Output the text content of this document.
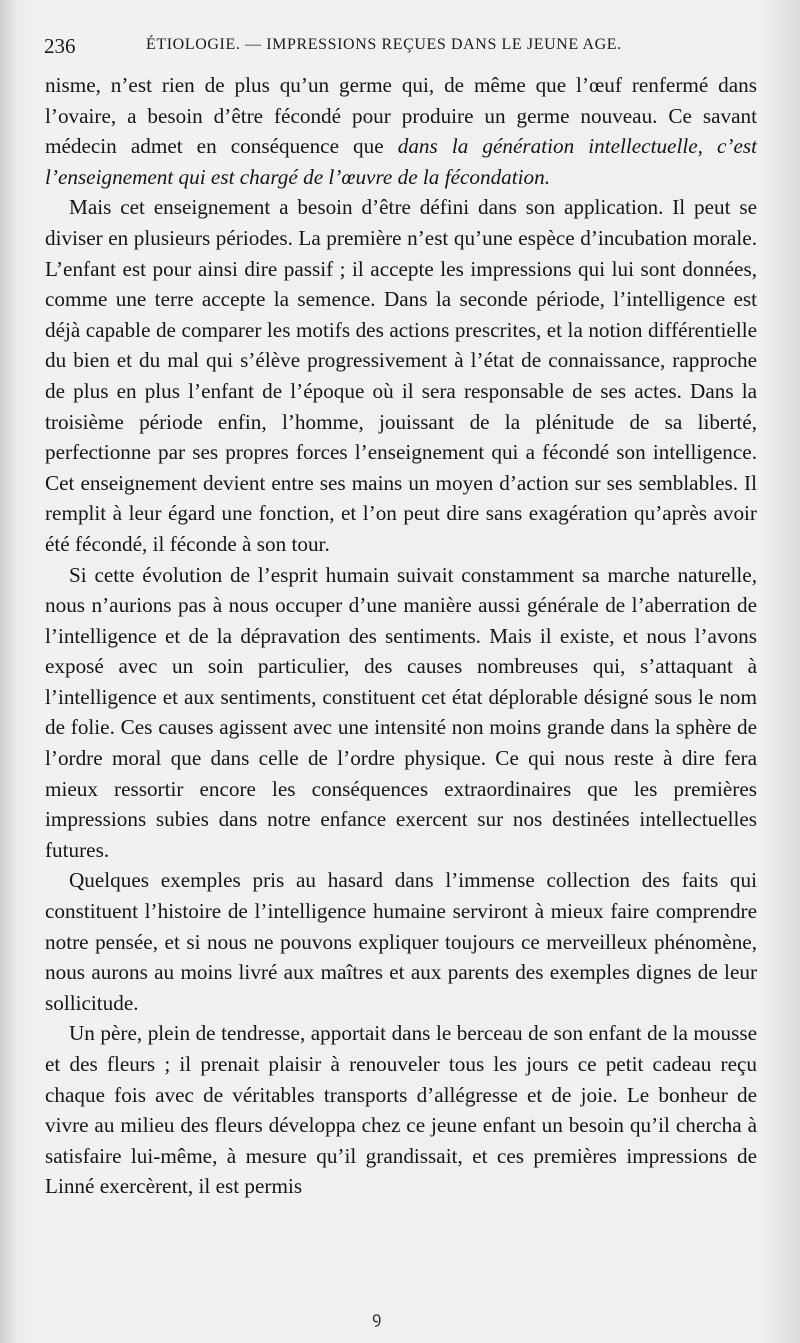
236	ÉTIOLOGIE. — IMPRESSIONS REÇUES DANS LE JEUNE AGE.

nisme, n’est rien de plus qu’un germe qui, de même que l’œuf renfermé dans l’ovaire, a besoin d’être fécondé pour produire un germe nouveau. Ce savant médecin admet en conséquence que dans la génération intellectuelle, c’est l’enseignement qui est chargé de l’œuvre de la fécondation.

Mais cet enseignement a besoin d’être défini dans son application. Il peut se diviser en plusieurs périodes. La première n’est qu’une espèce d’incubation morale. L’enfant est pour ainsi dire passif ; il accepte les impressions qui lui sont données, comme une terre accepte la semence. Dans la seconde période, l’intelligence est déjà capable de comparer les motifs des actions prescrites, et la notion différentielle du bien et du mal qui s’élève progressivement à l’état de connaissance, rapproche de plus en plus l’enfant de l’époque où il sera responsable de ses actes. Dans la troisième période enfin, l’homme, jouissant de la plénitude de sa liberté, perfectionne par ses propres forces l’enseignement qui a fécondé son intelligence. Cet enseignement devient entre ses mains un moyen d’action sur ses semblables. Il remplit à leur égard une fonction, et l’on peut dire sans exagération qu’après avoir été fécondé, il féconde à son tour.

Si cette évolution de l’esprit humain suivait constamment sa marche naturelle, nous n’aurions pas à nous occuper d’une manière aussi générale de l’aberration de l’intelligence et de la dépravation des sentiments. Mais il existe, et nous l’avons exposé avec un soin particulier, des causes nombreuses qui, s’attaquant à l’intelligence et aux sentiments, constituent cet état déplorable désigné sous le nom de folie. Ces causes agissent avec une intensité non moins grande dans la sphère de l’ordre moral que dans celle de l’ordre physique. Ce qui nous reste à dire fera mieux ressortir encore les conséquences extraordinaires que les premières impressions subies dans notre enfance exercent sur nos destinées intellectuelles futures.

Quelques exemples pris au hasard dans l’immense collection des faits qui constituent l’histoire de l’intelligence humaine serviront à mieux faire comprendre notre pensée, et si nous ne pouvons expliquer toujours ce merveilleux phénomène, nous aurons au moins livré aux maîtres et aux parents des exemples dignes de leur sollicitude.

Un père, plein de tendresse, apportait dans le berceau de son enfant de la mousse et des fleurs ; il prenait plaisir à renouveler tous les jours ce petit cadeau reçu chaque fois avec de véritables transports d’allégresse et de joie. Le bonheur de vivre au milieu des fleurs développa chez ce jeune enfant un besoin qu’il chercha à satisfaire lui-même, à mesure qu’il grandissait, et ces premières impressions de Linné exercèrent, il est permis

ꝯ
